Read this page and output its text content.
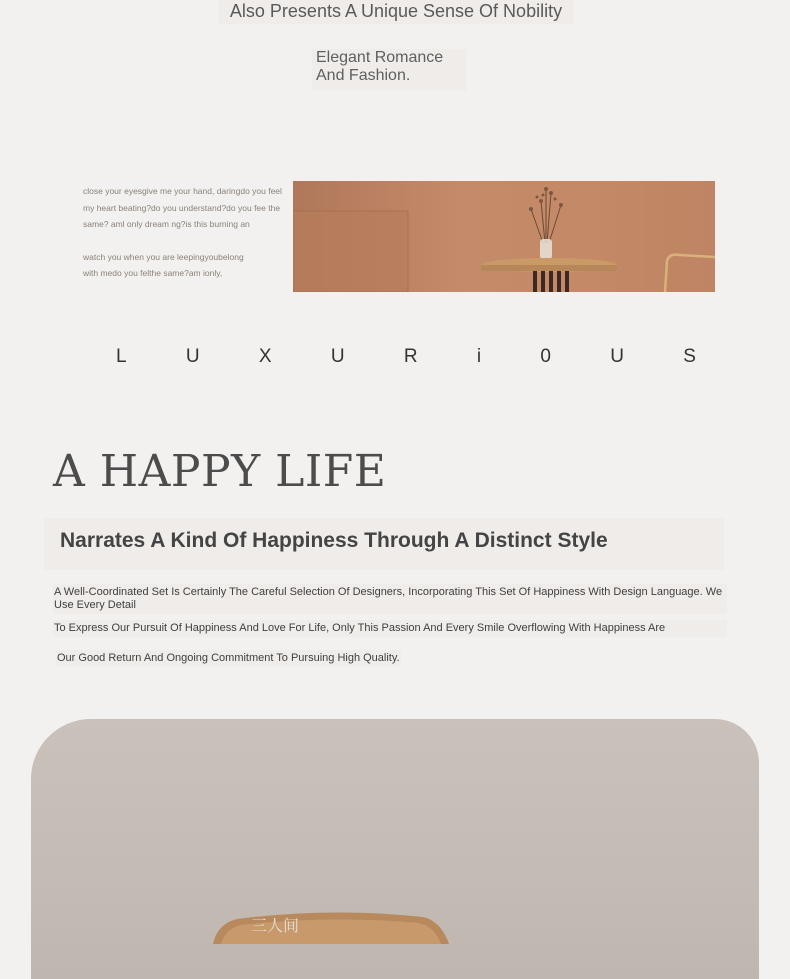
Also Presents A Unique Sense Of Nobility
Elegant Romance
And Fashion.

close your eyesgive me your hand, daringdo you feel

my heart beating?do you understand?do you fee the

same? aml only dream ng?is this burning an

watch you when you are leepingyoubelong

with medo you felthe same?am ionly,

L	U	X	U	R	i	0	U	S
A HAPPY LIFE
Narrates A Kind Of Happiness Through A Distinct Style
A Well-Coordinated Set Is Certainly The Careful Selection Of Designers, Incorporating This Set Of Happiness With Design Language. We Use Every Detail
To Express Our Pursuit Of Happiness And Love For Life, Only This Passion And Every Smile Overflowing With Happiness Are
Our Good Return And Ongoing Commitment To Pursuing High Quality.
三人间
